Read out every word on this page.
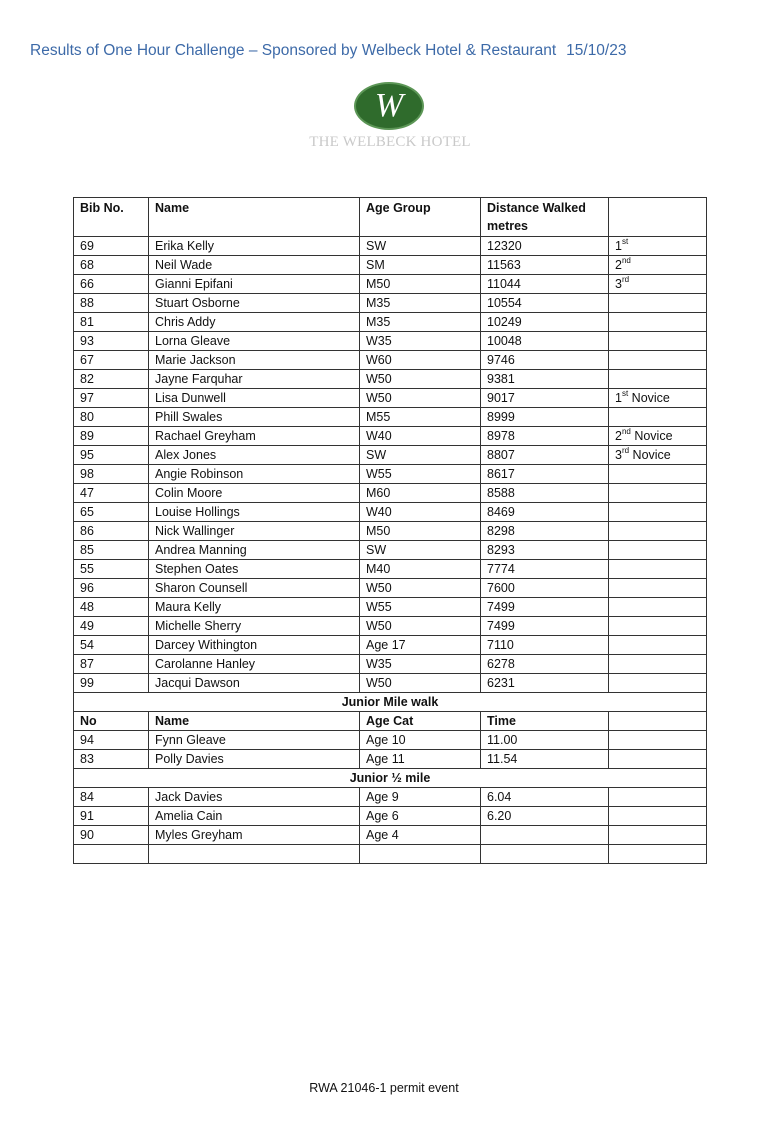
Results of One Hour Challenge – Sponsored by Welbeck Hotel & Restaurant 15/10/23
W
THE WELBECK HOTEL
Bib No.	Name	Age Group	Distance Walked metres	
69	Erika Kelly	SW	12320	1st
68	Neil Wade	SM	11563	2nd
66	Gianni Epifani	M50	11044	3rd
88	Stuart Osborne	M35	10554	
81	Chris Addy	M35	10249	
93	Lorna Gleave	W35	10048	
67	Marie Jackson	W60	9746	
82	Jayne Farquhar	W50	9381	
97	Lisa Dunwell	W50	9017	1st Novice
80	Phill Swales	M55	8999	
89	Rachael Greyham	W40	8978	2nd Novice
95	Alex Jones	SW	8807	3rd Novice
98	Angie Robinson	W55	8617	
47	Colin Moore	M60	8588	
65	Louise Hollings	W40	8469	
86	Nick Wallinger	M50	8298	
85	Andrea Manning	SW	8293	
55	Stephen Oates	M40	7774	
96	Sharon Counsell	W50	7600	
48	Maura Kelly	W55	7499	
49	Michelle Sherry	W50	7499	
54	Darcey Withington	Age 17	7110	
87	Carolanne Hanley	W35	6278	
99	Jacqui Dawson	W50	6231	
Junior Mile walk				
No	Name	Age Cat	Time	
94	Fynn Gleave	Age 10	11.00	
83	Polly Davies	Age 11	11.54	
Junior ½ mile				
84	Jack Davies	Age 9	6.04	
91	Amelia Cain	Age 6	6.20	
90	Myles Greyham	Age 4		

RWA 21046-1 permit event
